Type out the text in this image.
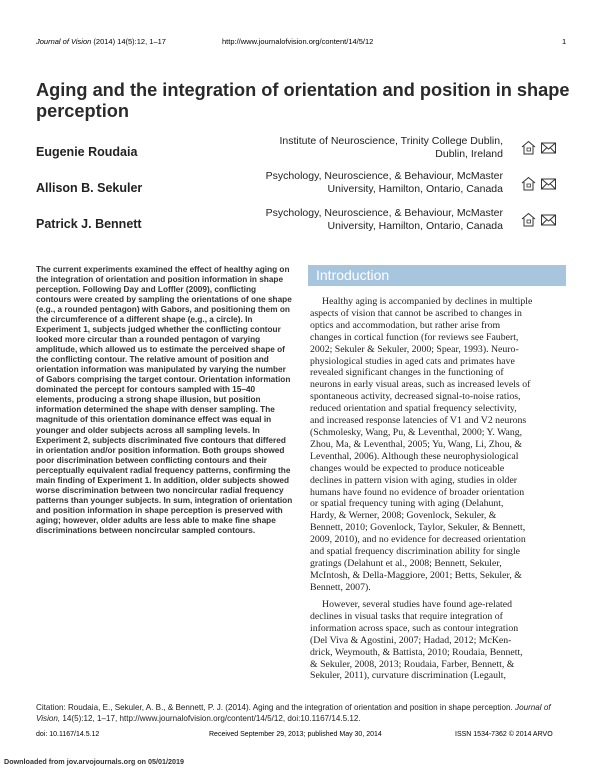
Journal of Vision (2014) 14(5):12, 1–17	http://www.journalofvision.org/content/14/5/12	1
Aging and the integration of orientation and position in shape perception
Eugenie Roudaia
Institute of Neuroscience, Trinity College Dublin,
Dublin, Ireland
Allison B. Sekuler
Psychology, Neuroscience, & Behaviour, McMaster
University, Hamilton, Ontario, Canada
Patrick J. Bennett
Psychology, Neuroscience, & Behaviour, McMaster
University, Hamilton, Ontario, Canada
The current experiments examined the effect of healthy aging on the integration of orientation and position information in shape perception. Following Day and Loffler (2009), conflicting contours were created by sampling the orientations of one shape (e.g., a rounded pentagon) with Gabors, and positioning them on the circumference of a different shape (e.g., a circle). In Experiment 1, subjects judged whether the conflicting contour looked more circular than a rounded pentagon of varying amplitude, which allowed us to estimate the perceived shape of the conflicting contour. The relative amount of position and orientation information was manipulated by varying the number of Gabors comprising the target contour. Orientation information dominated the percept for contours sampled with 15–40 elements, producing a strong shape illusion, but position information determined the shape with denser sampling. The magnitude of this orientation dominance effect was equal in younger and older subjects across all sampling levels. In Experiment 2, subjects discriminated five contours that differed in orientation and/or position information. Both groups showed poor discrimination between conflicting contours and their perceptually equivalent radial frequency patterns, confirming the main finding of Experiment 1. In addition, older subjects showed worse discrimination between two noncircular radial frequency patterns than younger subjects. In sum, integration of orientation and position information in shape perception is preserved with aging; however, older adults are less able to make fine shape discriminations between noncircular sampled contours.
Introduction
Healthy aging is accompanied by declines in multiple
aspects of vision that cannot be ascribed to changes in
optics and accommodation, but rather arise from
changes in cortical function (for reviews see Faubert,
2002; Sekuler & Sekuler, 2000; Spear, 1993). Neuro-
physiological studies in aged cats and primates have
revealed significant changes in the functioning of
neurons in early visual areas, such as increased levels of
spontaneous activity, decreased signal-to-noise ratios,
reduced orientation and spatial frequency selectivity,
and increased response latencies of V1 and V2 neurons
(Schmolesky, Wang, Pu, & Leventhal, 2000; Y. Wang,
Zhou, Ma, & Leventhal, 2005; Yu, Wang, Li, Zhou, &
Leventhal, 2006). Although these neurophysiological
changes would be expected to produce noticeable
declines in pattern vision with aging, studies in older
humans have found no evidence of broader orientation
or spatial frequency tuning with aging (Delahunt,
Hardy, & Werner, 2008; Govenlock, Sekuler, &
Bennett, 2010; Govenlock, Taylor, Sekuler, & Bennett,
2009, 2010), and no evidence for decreased orientation
and spatial frequency discrimination ability for single
gratings (Delahunt et al., 2008; Bennett, Sekuler,
McIntosh, & Della-Maggiore, 2001; Betts, Sekuler, &
Bennett, 2007).
However, several studies have found age-related
declines in visual tasks that require integration of
information across space, such as contour integration
(Del Viva & Agostini, 2007; Hadad, 2012; McKen-
drick, Weymouth, & Battista, 2010; Roudaia, Bennett,
& Sekuler, 2008, 2013; Roudaia, Farber, Bennett, &
Sekuler, 2011), curvature discrimination (Legault,
Citation: Roudaia, E., Sekuler, A. B., & Bennett, P. J. (2014). Aging and the integration of orientation and position in shape perception. Journal of Vision, 14(5):12, 1–17, http://www.journalofvision.org/content/14/5/12, doi:10.1167/14.5.12.
doi: 10.1167/14.5.12	Received September 29, 2013; published May 30, 2014	ISSN 1534-7362 © 2014 ARVO
Downloaded from jov.arvojournals.org on 05/01/2019
